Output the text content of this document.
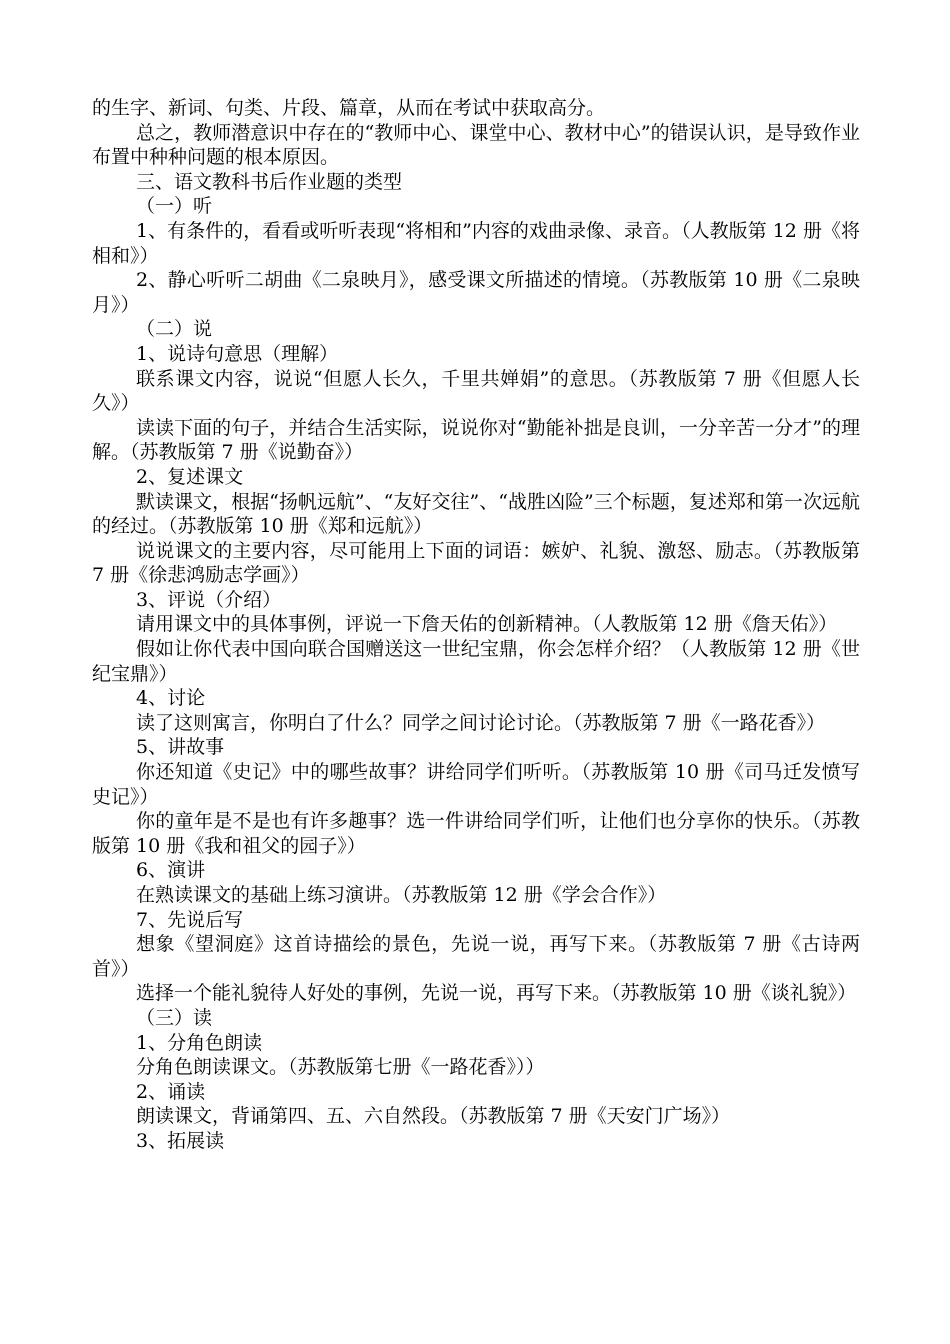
的生字、新词、句类、片段、篇章，从而在考试中获取高分。

总之，教师潜意识中存在的“教师中心、课堂中心、教材中心”的错误认识，是导致作业布置中种种问题的根本原因。

三、语文教科书后作业题的类型

（一）听

1、有条件的，看看或听听表现“将相和”内容的戏曲录像、录音。（人教版第 12 册《将相和》）

2、静心听听二胡曲《二泉映月》，感受课文所描述的情境。（苏教版第 10 册《二泉映月》）

（二）说

1、说诗句意思（理解）

联系课文内容，说说“但愿人长久，千里共婵娟”的意思。（苏教版第 7 册《但愿人长久》）

读读下面的句子，并结合生活实际，说说你对“勤能补拙是良训，一分辛苦一分才”的理解。（苏教版第 7 册《说勤奋》）

2、复述课文

默读课文，根据“扬帆远航”、“友好交往”、“战胜凶险”三个标题，复述郑和第一次远航的经过。（苏教版第 10 册《郑和远航》）

说说课文的主要内容，尽可能用上下面的词语：嫉妒、礼貌、激怒、励志。（苏教版第 7 册《徐悲鸿励志学画》）

3、评说（介绍）

请用课文中的具体事例，评说一下詹天佑的创新精神。（人教版第 12 册《詹天佑》）

假如让你代表中国向联合国赠送这一世纪宝鼎，你会怎样介绍？（人教版第 12 册《世纪宝鼎》）

4、讨论

读了这则寓言，你明白了什么？同学之间讨论讨论。（苏教版第 7 册《一路花香》）

5、讲故事

你还知道《史记》中的哪些故事？讲给同学们听听。（苏教版第 10 册《司马迁发愤写史记》）

你的童年是不是也有许多趣事？选一件讲给同学们听，让他们也分享你的快乐。（苏教版第 10 册《我和祖父的园子》）

6、演讲

在熟读课文的基础上练习演讲。（苏教版第 12 册《学会合作》）

7、先说后写

想象《望洞庭》这首诗描绘的景色，先说一说，再写下来。（苏教版第 7 册《古诗两首》）

选择一个能礼貌待人好处的事例，先说一说，再写下来。（苏教版第 10 册《谈礼貌》）

（三）读

1、分角色朗读

分角色朗读课文。（苏教版第七册《一路花香》））

2、诵读

朗读课文，背诵第四、五、六自然段。（苏教版第 7 册《天安门广场》）

3、拓展读
